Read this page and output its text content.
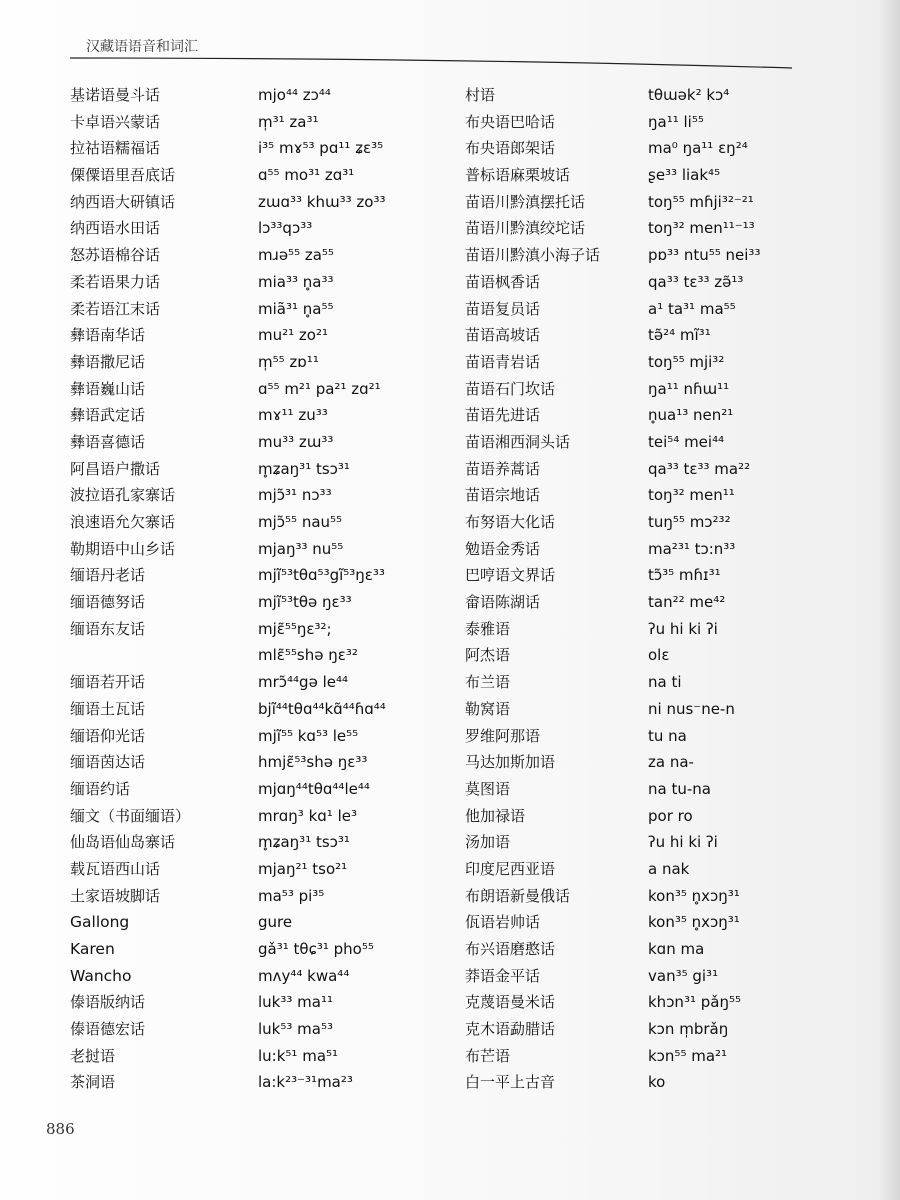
汉藏语语音和词汇
基诺语曼斗话
卡卓语兴蒙话
拉祜语糯福话
傈僳语里吾底话
纳西语大研镇话
纳西语水田话
怒苏语棉谷话
柔若语果力话
柔若语江末话
彝语南华话
彝语撒尼话
彝语巍山话
彝语武定话
彝语喜德话
阿昌语户撒话
波拉语孔家寨话
浪速语允欠寨话
勒期语中山乡话
缅语丹老话
缅语德努话
缅语东友话
缅语若开话
缅语土瓦话
缅语仰光话
缅语茵达话
缅语约话
缅文（书面缅语）
仙岛语仙岛寨话
载瓦语西山话
土家语坡脚话
Gallong
Karen
Wancho
傣语版纳话
傣语德宏话
老挝语
茶洞语
mjo⁴⁴ zɔ⁴⁴
m̩³¹ za³¹
i³⁵ mɤ⁵³ pɑ¹¹ ʑɛ³⁵
ɑ⁵⁵ mo³¹ zɑ³¹
zɯɑ³³ khɯ³³ zo³³
lɔ³³qɔ³³
mɹə⁵⁵ za⁵⁵
mia³³ n̥a³³
miã³¹ n̥a⁵⁵
mu²¹ zo²¹
m̩⁵⁵ zɒ¹¹
ɑ⁵⁵ m²¹ pa²¹ zɑ²¹
mɤ¹¹ zu³³
mu³³ zɯ³³
m̥ʑaŋ³¹ tsɔ³¹
mjɔ̃³¹ nɔ³³
mjɔ̃⁵⁵ nau⁵⁵
mjaŋ³³ nu⁵⁵
mjĩ⁵³tθɑ⁵³gĩ⁵³ŋɛ³³
mjĩ⁵³tθə ŋɛ³³
mjɛ̃⁵⁵ŋɛ³²;
mlɛ̃⁵⁵shə ŋɛ³²
mrɔ̃⁴⁴gə le⁴⁴
bjĩ⁴⁴tθɑ⁴⁴kɑ̃⁴⁴ɦɑ⁴⁴
mjĩ⁵⁵ kɑ⁵³ le⁵⁵
hmjɛ̃⁵³shə ŋɛ³³
mjɑŋ⁴⁴tθɑ⁴⁴le⁴⁴
mrɑŋ³ kɑ¹ le³
m̥ʑaŋ³¹ tsɔ³¹
mjaŋ²¹ tso²¹
ma⁵³ pi³⁵
gure
gǎ³¹ tθɕ³¹ pho⁵⁵
mʌy⁴⁴ kwa⁴⁴
luk³³ ma¹¹
luk⁵³ ma⁵³
lu:k⁵¹ ma⁵¹
la:k²³⁻³¹ma²³
村语
布央语巴哈话
布央语郎架话
普标语麻栗坡话
苗语川黔滇摆托话
苗语川黔滇绞坨话
苗语川黔滇小海子话
苗语枫香话
苗语复员话
苗语高坡话
苗语青岩话
苗语石门坎话
苗语先进话
苗语湘西洞头话
苗语养蒿话
苗语宗地话
布努语大化话
勉语金秀话
巴哼语文界话
畲语陈湖话
泰雅语
阿杰语
布兰语
勒窝语
罗维阿那语
马达加斯加语
莫图语
他加禄语
汤加语
印度尼西亚语
布朗语新曼俄话
佤语岩帅话
布兴语磨憨话
莽语金平话
克蔑语曼米话
克木语勐腊话
布芒语
白一平上古音
tθɯək² kɔ⁴
ŋa¹¹ li⁵⁵
ma⁰ ŋa¹¹ ɛŋ²⁴
ʂe³³ liak⁴⁵
toŋ⁵⁵ mɦji³²⁻²¹
toŋ³² men¹¹⁻¹³
pɒ³³ ntu⁵⁵ nei³³
qa³³ tɛ³³ zə̃¹³
a¹ ta³¹ ma⁵⁵
tə̃²⁴ mĩ³¹
toŋ⁵⁵ mji³²
ŋa¹¹ nɦɯ¹¹
n̥ua¹³ nen²¹
tei⁵⁴ mei⁴⁴
qa³³ tɛ³³ ma²²
toŋ³² men¹¹
tuŋ⁵⁵ mɔ²³²
ma²³¹ tɔ:n³³
tɔ̃³⁵ mɦɪ³¹
tan²² me⁴²
ʔu hi ki ʔi
olɛ
na ti
ni nus⁻ne-n
tu na
za na-
na tu-na
por ro
ʔu hi ki ʔi
a nak
kon³⁵ n̥xɔŋ³¹
kon³⁵ n̥xɔŋ³¹
kɑn ma
van³⁵ gi³¹
khɔn³¹ pǎŋ⁵⁵
kɔn m̩brǎŋ
kɔn⁵⁵ ma²¹
ko
886
